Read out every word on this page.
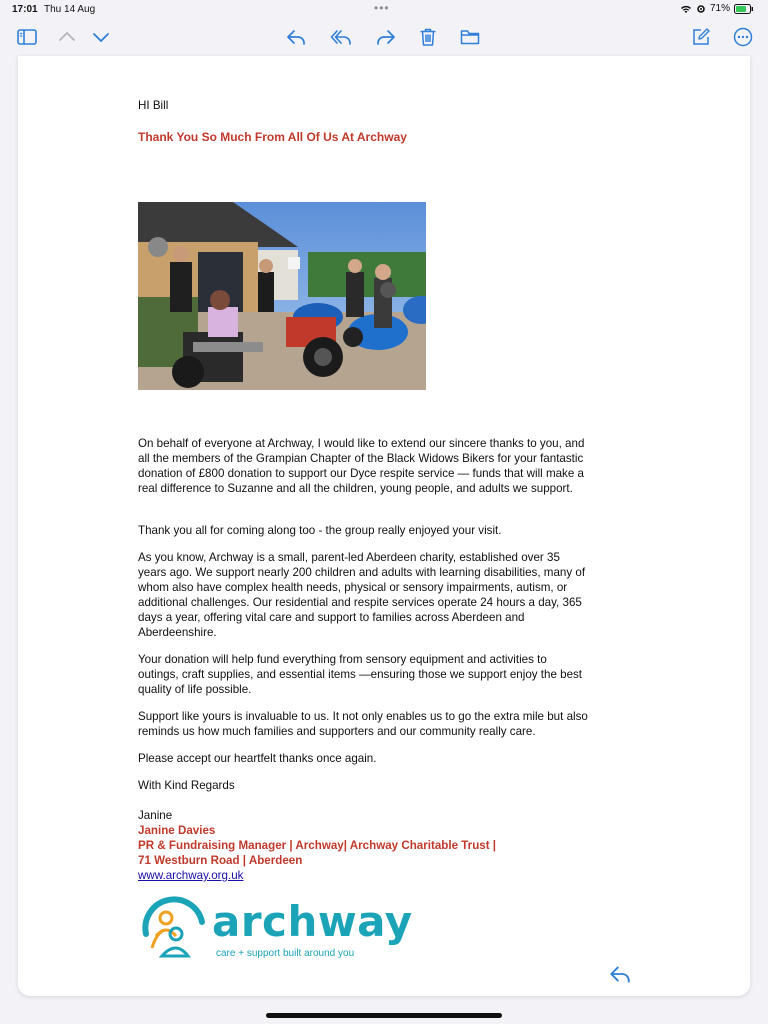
17:01 Thu 14 Aug	•••	71%

HI Bill

Thank You So Much From All Of Us At Archway

On behalf of everyone at Archway, I would like to extend our sincere thanks to you, and all the members of the Grampian Chapter of the Black Widows Bikers for your fantastic donation of £800 donation to support our Dyce respite service — funds that will make a real difference to Suzanne and all the children, young people, and adults we support.

Thank you all for coming along too - the group really enjoyed your visit.

As you know, Archway is a small, parent-led Aberdeen charity, established over 35 years ago. We support nearly 200 children and adults with learning disabilities, many of whom also have complex health needs, physical or sensory impairments, autism, or additional challenges. Our residential and respite services operate 24 hours a day, 365 days a year, offering vital care and support to families across Aberdeen and Aberdeenshire.

Your donation will help fund everything from sensory equipment and activities to outings, craft supplies, and essential items —ensuring those we support enjoy the best quality of life possible.

Support like yours is invaluable to us. It not only enables us to go the extra mile but also reminds us how much families and supporters and our community really care.

Please accept our heartfelt thanks once again.

With Kind Regards

Janine

Janine Davies

PR & Fundraising Manager | Archway| Archway Charitable Trust |

71 Westburn Road | Aberdeen

www.archway.org.uk

archway
care + support built around you
